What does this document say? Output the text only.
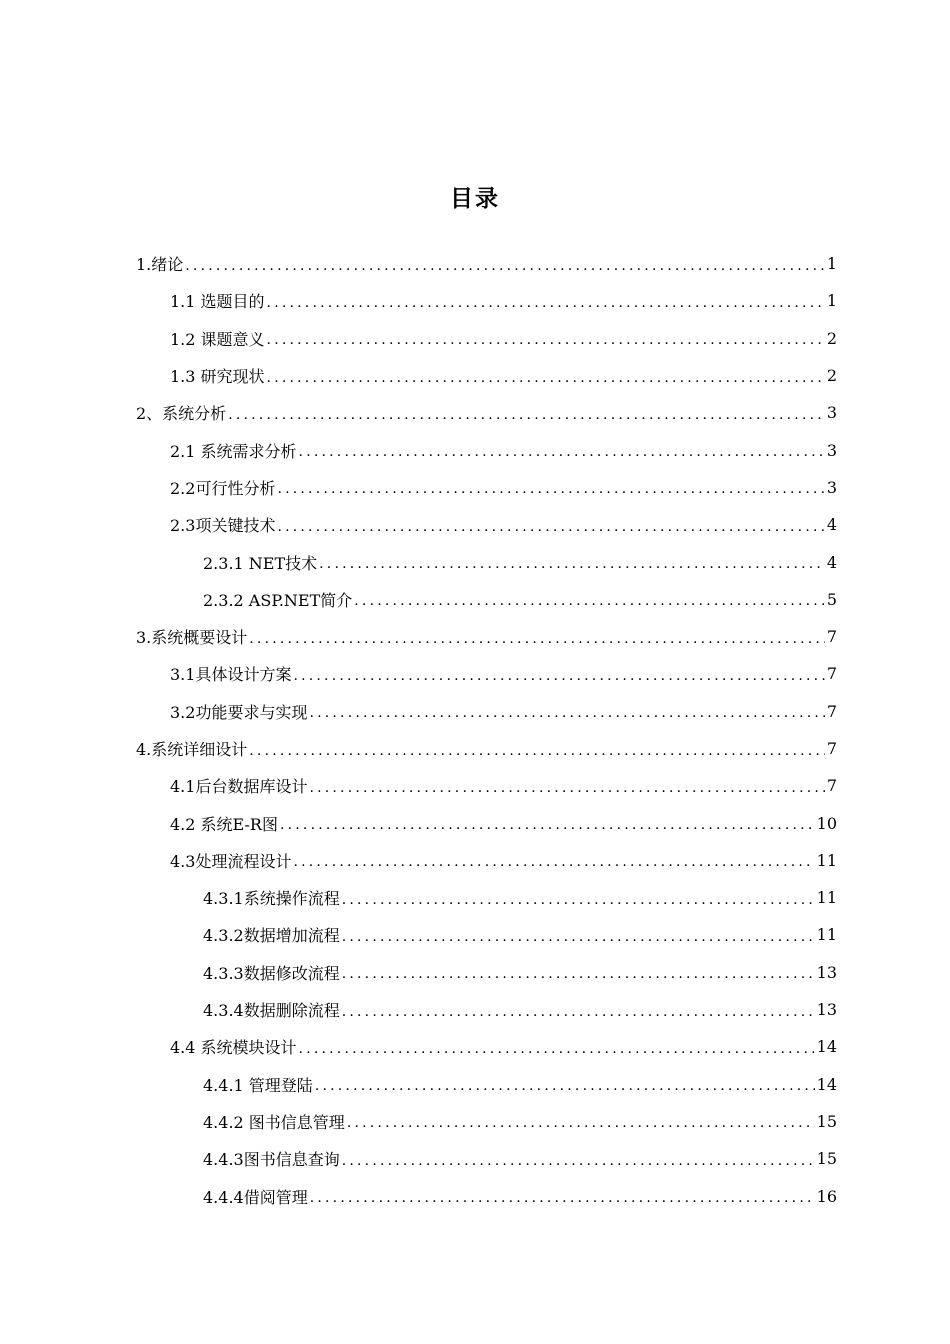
目录
1.绪论 .....	1
1.1 选题目的 .....	1
1.2 课题意义 .....	2
1.3 研究现状 .....	2
2、系统分析 .....	3
2.1 系统需求分析 .....	3
2.2可行性分析 .....	3
2.3项关键技术 .....	4
2.3.1 NET技术 .....	4
2.3.2 ASP.NET简介 .....	5
3.系统概要设计 .....	7
3.1具体设计方案 .....	7
3.2功能要求与实现 .....	7
4.系统详细设计 .....	7
4.1后台数据库设计 .....	7
4.2 系统E-R图 .....	10
4.3处理流程设计 .....	11
4.3.1系统操作流程 .....	11
4.3.2数据增加流程 .....	11
4.3.3数据修改流程 .....	13
4.3.4数据删除流程 .....	13
4.4 系统模块设计 .....	14
4.4.1 管理登陆 .....	14
4.4.2 图书信息管理 .....	15
4.4.3图书信息查询 .....	15
4.4.4借阅管理 .....	16
